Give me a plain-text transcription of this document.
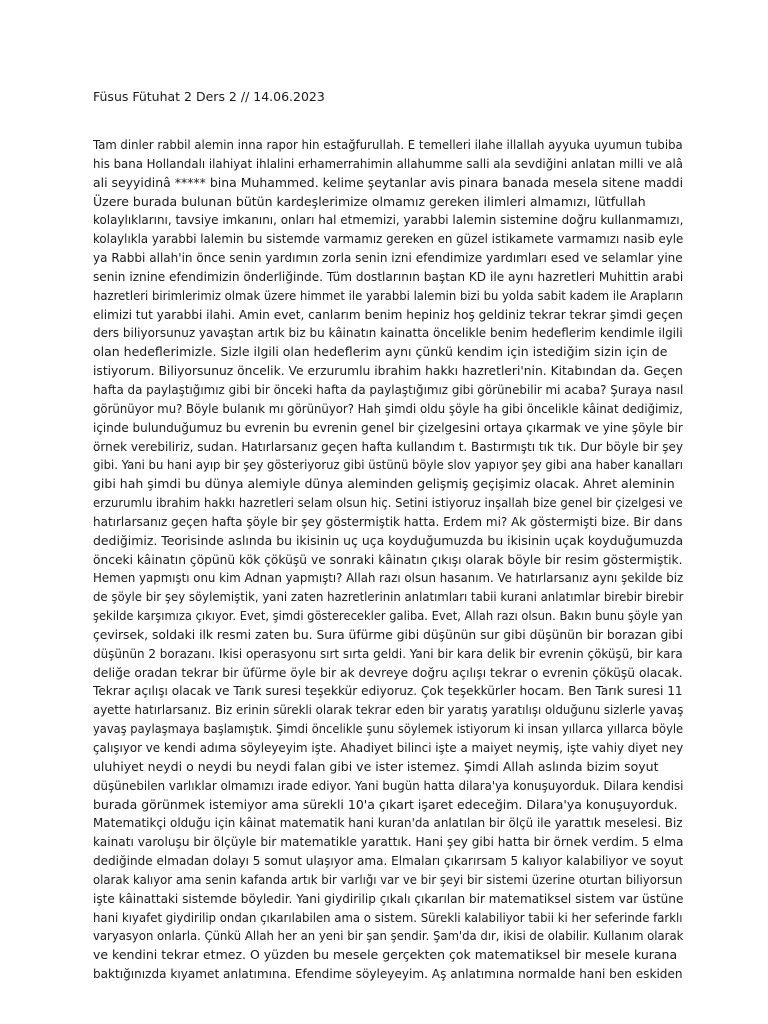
Füsus Fütuhat 2 Ders 2 // 14.06.2023
Tam dinler rabbil alemin inna rapor hin estağfurullah. E temelleri ilahe illallah ayyuka uyumun tubiba
his bana Hollandalı ilahiyat ihlalini erhamerrahimin allahumme salli ala sevdiğini anlatan milli ve alâ
ali seyyidinâ ***** bina Muhammed. kelime şeytanlar avis pinara banada mesela sitene maddi
Üzere burada bulunan bütün kardeşlerimize olmamız gereken ilimleri almamızı, lütfullah
kolaylıklarını, tavsiye imkanını, onları hal etmemizi, yarabbi lalemin sistemine doğru kullanmamızı,
kolaylıkla yarabbi lalemin bu sistemde varmamız gereken en güzel istikamete varmamızı nasib eyle
ya Rabbi allah'in önce senin yardımın zorla senin izni efendimize yardımları esed ve selamlar yine
senin iznine efendimizin önderliğinde. Tüm dostlarının baştan KD ile aynı hazretleri Muhittin arabi
hazretleri birimlerimiz olmak üzere himmet ile yarabbi lalemin bizi bu yolda sabit kadem ile Arapların
elimizi tut yarabbi ilahi. Amin evet, canlarım benim hepiniz hoş geldiniz tekrar tekrar şimdi geçen
ders biliyorsunuz yavaştan artık biz bu kâinatın kainatta öncelikle benim hedeflerim kendimle ilgili
olan hedeflerimizle. Sizle ilgili olan hedeflerim aynı çünkü kendim için istediğim sizin için de
istiyorum. Biliyorsunuz öncelik. Ve erzurumlu ibrahim hakkı hazretleri'nin. Kitabından da. Geçen
hafta da paylaştığımız gibi bir önceki hafta da paylaştığımız gibi görünebilir mi acaba? Şuraya nasıl
görünüyor mu? Böyle bulanık mı görünüyor? Hah şimdi oldu şöyle ha gibi öncelikle kâinat dediğimiz,
içinde bulunduğumuz bu evrenin bu evrenin genel bir çizelgesini ortaya çıkarmak ve yine şöyle bir
örnek verebiliriz, sudan. Hatırlarsanız geçen hafta kullandım t. Bastırmıştı tık tık. Dur böyle bir şey
gibi. Yani bu hani ayıp bir şey gösteriyoruz gibi üstünü böyle slov yapıyor şey gibi ana haber kanalları
gibi hah şimdi bu dünya alemiyle dünya aleminden gelişmiş geçişimiz olacak. Ahret aleminin
erzurumlu ibrahim hakkı hazretleri selam olsun hiç. Setini istiyoruz inşallah bize genel bir çizelgesi ve
hatırlarsanız geçen hafta şöyle bir şey göstermiştik hatta. Erdem mi? Ak göstermişti bize. Bir dans
dediğimiz. Teorisinde aslında bu ikisinin uç uça koyduğumuzda bu ikisinin uçak koyduğumuzda
önceki kâinatın çöpünü kök çöküşü ve sonraki kâinatın çıkışı olarak böyle bir resim göstermiştik.
Hemen yapmıştı onu kim Adnan yapmıştı? Allah razı olsun hasanım. Ve hatırlarsanız aynı şekilde biz
de şöyle bir şey söylemiştik, yani zaten hazretlerinin anlatımları tabii kurani anlatımlar birebir birebir
şekilde karşımıza çıkıyor. Evet, şimdi gösterecekler galiba. Evet, Allah razı olsun. Bakın bunu şöyle yan
çevirsek, soldaki ilk resmi zaten bu. Sura üfürme gibi düşünün sur gibi düşünün bir borazan gibi
düşünün 2 borazanı. Ikisi operasyonu sırt sırta geldi. Yani bir kara delik bir evrenin çöküşü, bir kara
deliğe oradan tekrar bir üfürme öyle bir ak devreye doğru açılışı tekrar o evrenin çöküşü olacak.
Tekrar açılışı olacak ve Tarık suresi teşekkür ediyoruz. Çok teşekkürler hocam. Ben Tarık suresi 11
ayette hatırlarsanız. Biz erinin sürekli olarak tekrar eden bir yaratış yaratılışı olduğunu sizlerle yavaş
yavaş paylaşmaya başlamıştık. Şimdi öncelikle şunu söylemek istiyorum ki insan yıllarca yıllarca böyle
çalışıyor ve kendi adıma söyleyeyim işte. Ahadiyet bilinci işte a maiyet neymiş, işte vahiy diyet ney
uluhiyet neydi o neydi bu neydi falan gibi ve ister istemez. Şimdi Allah aslında bizim soyut
düşünebilen varlıklar olmamızı irade ediyor. Yani bugün hatta dilara'ya konuşuyorduk. Dilara kendisi
burada görünmek istemiyor ama sürekli 10'a çıkart işaret edeceğim. Dilara'ya konuşuyorduk.
Matematikçi olduğu için kâinat matematik hani kuran'da anlatılan bir ölçü ile yarattık meselesi. Biz
kainatı varoluşu bir ölçüyle bir matematikle yarattık. Hani şey gibi hatta bir örnek verdim. 5 elma
dediğinde elmadan dolayı 5 somut ulaşıyor ama. Elmaları çıkarırsam 5 kalıyor kalabiliyor ve soyut
olarak kalıyor ama senin kafanda artık bir varlığı var ve bir şeyi bir sistemi üzerine oturtan biliyorsun
işte kâinattaki sistemde böyledir. Yani giydirilip çıkalı çıkarılan bir matematiksel sistem var üstüne
hani kıyafet giydirilip ondan çıkarılabilen ama o sistem. Sürekli kalabiliyor tabii ki her seferinde farklı
varyasyon onlarla. Çünkü Allah her an yeni bir şan şendir. Şam'da dır, ikisi de olabilir. Kullanım olarak
ve kendini tekrar etmez. O yüzden bu mesele gerçekten çok matematiksel bir mesele kurana
baktığınızda kıyamet anlatımına. Efendime söyleyeyim. Aş anlatımına normalde hani ben eskiden
